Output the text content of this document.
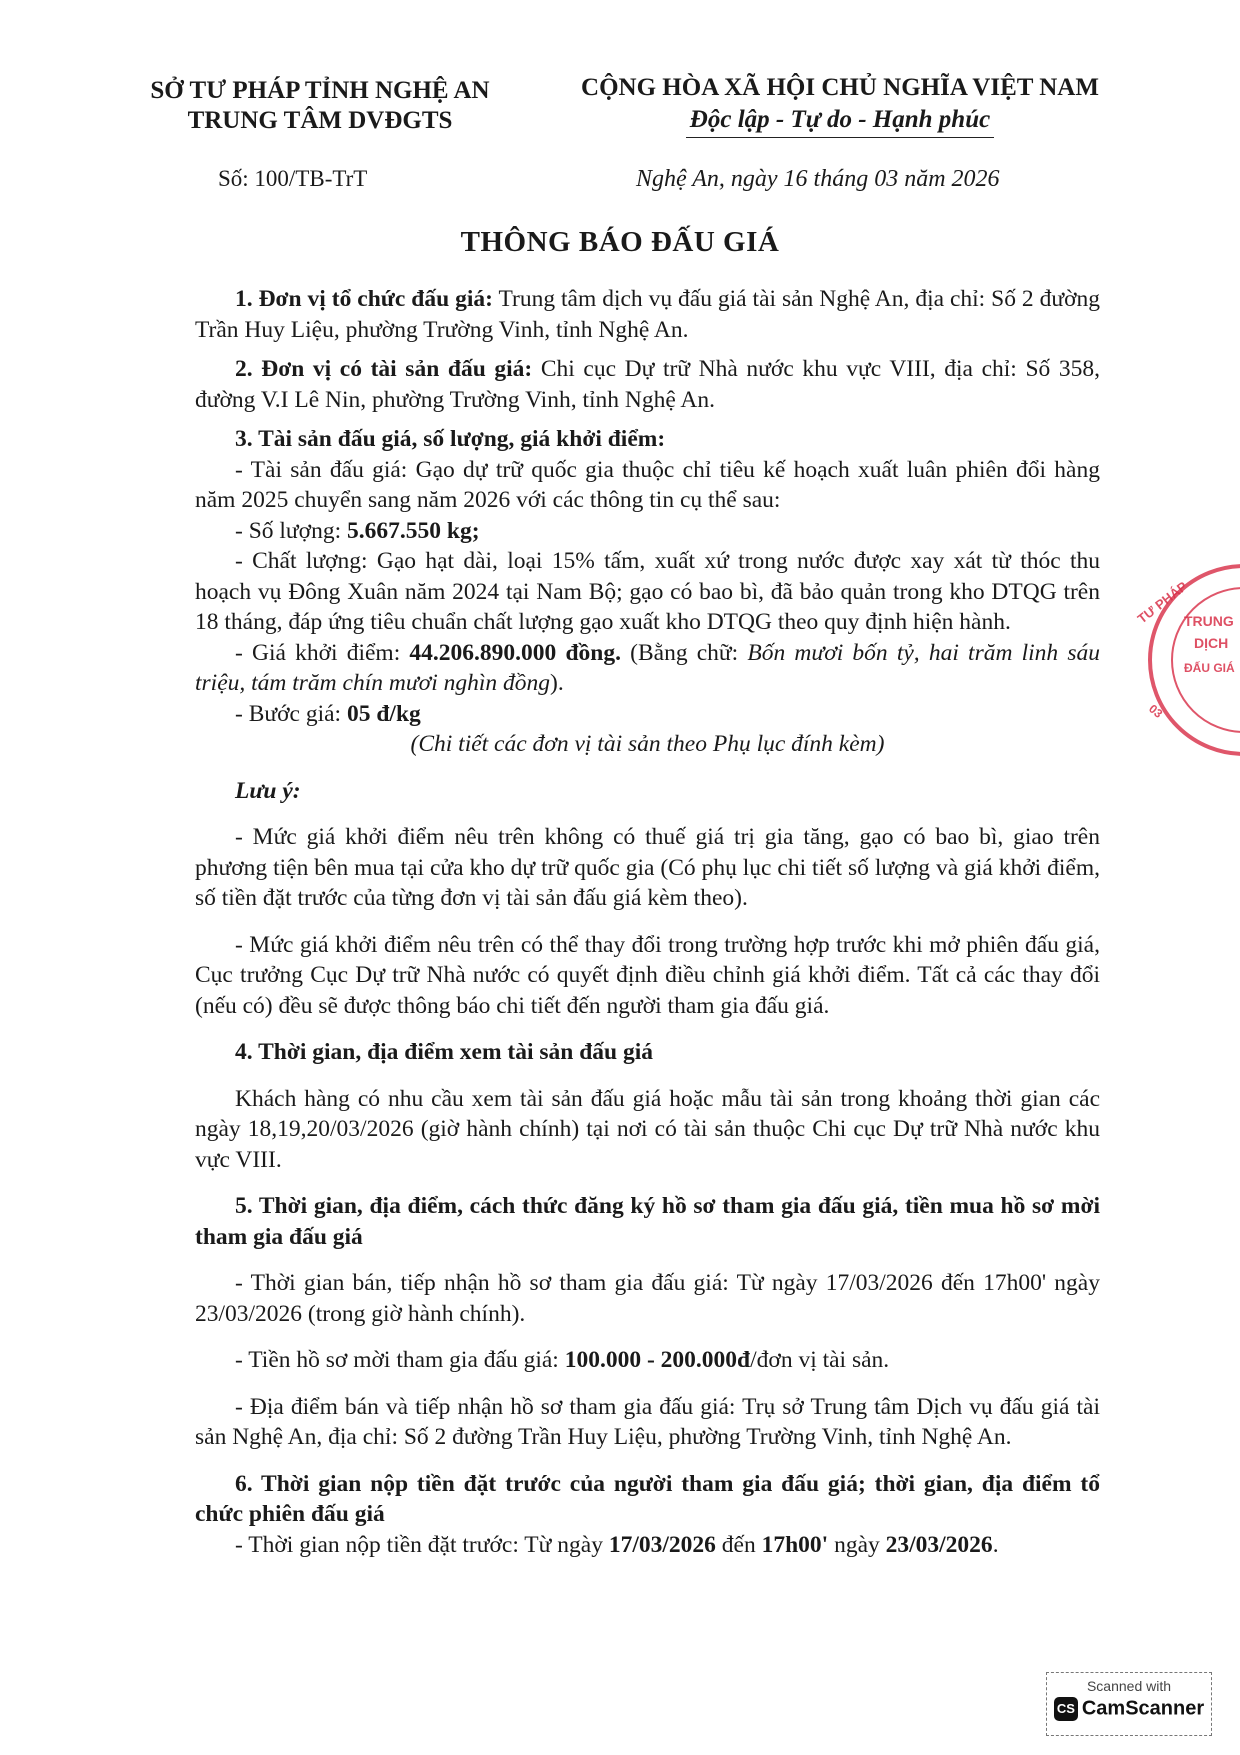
SỞ TƯ PHÁP TỈNH NGHỆ AN
TRUNG TÂM DVĐGTS
CỘNG HÒA XÃ HỘI CHỦ NGHĨA VIỆT NAM
Độc lập - Tự do - Hạnh phúc
Số: 100/TB-TrT	Nghệ An, ngày 16 tháng 03 năm 2026
THÔNG BÁO ĐẤU GIÁ

1. Đơn vị tổ chức đấu giá: Trung tâm dịch vụ đấu giá tài sản Nghệ An, địa chỉ: Số 2 đường Trần Huy Liệu, phường Trường Vinh, tỉnh Nghệ An.

2. Đơn vị có tài sản đấu giá: Chi cục Dự trữ Nhà nước khu vực VIII, địa chỉ: Số 358, đường V.I Lê Nin, phường Trường Vinh, tỉnh Nghệ An.

3. Tài sản đấu giá, số lượng, giá khởi điểm:

- Tài sản đấu giá: Gạo dự trữ quốc gia thuộc chỉ tiêu kế hoạch xuất luân phiên đổi hàng năm 2025 chuyển sang năm 2026 với các thông tin cụ thể sau:

- Số lượng: 5.667.550 kg;

- Chất lượng: Gạo hạt dài, loại 15% tấm, xuất xứ trong nước được xay xát từ thóc thu hoạch vụ Đông Xuân năm 2024 tại Nam Bộ; gạo có bao bì, đã bảo quản trong kho DTQG trên 18 tháng, đáp ứng tiêu chuẩn chất lượng gạo xuất kho DTQG theo quy định hiện hành.

- Giá khởi điểm: 44.206.890.000 đồng. (Bằng chữ: Bốn mươi bốn tỷ, hai trăm linh sáu triệu, tám trăm chín mươi nghìn đồng).

- Bước giá: 05 đ/kg

(Chi tiết các đơn vị tài sản theo Phụ lục đính kèm)

Lưu ý:

- Mức giá khởi điểm nêu trên không có thuế giá trị gia tăng, gạo có bao bì, giao trên phương tiện bên mua tại cửa kho dự trữ quốc gia (Có phụ lục chi tiết số lượng và giá khởi điểm, số tiền đặt trước của từng đơn vị tài sản đấu giá kèm theo).

- Mức giá khởi điểm nêu trên có thể thay đổi trong trường hợp trước khi mở phiên đấu giá, Cục trưởng Cục Dự trữ Nhà nước có quyết định điều chỉnh giá khởi điểm. Tất cả các thay đổi (nếu có) đều sẽ được thông báo chi tiết đến người tham gia đấu giá.

4. Thời gian, địa điểm xem tài sản đấu giá

Khách hàng có nhu cầu xem tài sản đấu giá hoặc mẫu tài sản trong khoảng thời gian các ngày 18,19,20/03/2026 (giờ hành chính) tại nơi có tài sản thuộc Chi cục Dự trữ Nhà nước khu vực VIII.

5. Thời gian, địa điểm, cách thức đăng ký hồ sơ tham gia đấu giá, tiền mua hồ sơ mời tham gia đấu giá

- Thời gian bán, tiếp nhận hồ sơ tham gia đấu giá: Từ ngày 17/03/2026 đến 17h00' ngày 23/03/2026 (trong giờ hành chính).

- Tiền hồ sơ mời tham gia đấu giá: 100.000 - 200.000đ/đơn vị tài sản.

- Địa điểm bán và tiếp nhận hồ sơ tham gia đấu giá: Trụ sở Trung tâm Dịch vụ đấu giá tài sản Nghệ An, địa chỉ: Số 2 đường Trần Huy Liệu, phường Trường Vinh, tỉnh Nghệ An.

6. Thời gian nộp tiền đặt trước của người tham gia đấu giá; thời gian, địa điểm tổ chức phiên đấu giá

- Thời gian nộp tiền đặt trước: Từ ngày 17/03/2026 đến 17h00' ngày 23/03/2026.

TƯ PHÁP
TRUNG
DỊCH
ĐẤU GIÁ
03
Scanned with
CS CamScanner
